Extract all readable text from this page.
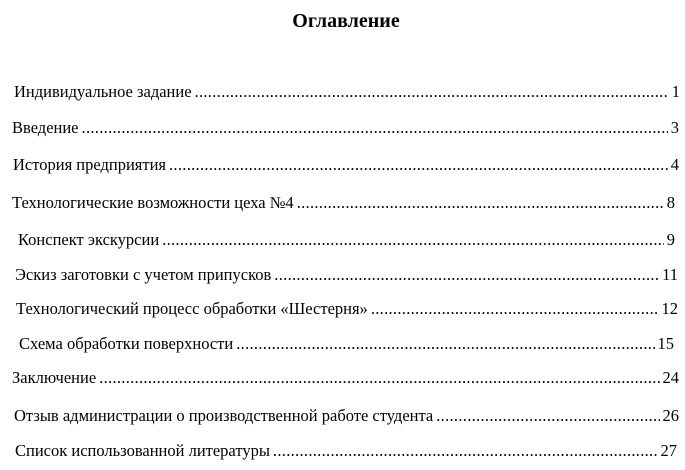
Оглавление
Индивидуальное задание .....	1
Введение .....	3
История предприятия .....	4
Технологические возможности цеха №4 .....	8
Конспект экскурсии .....	9
Эскиз заготовки с учетом припусков .....	11
Технологический процесс обработки «Шестерня» .....	12
Схема обработки поверхности .....	15
Заключение .....	24
Отзыв администрации о производственной работе студента .....	26
Список использованной литературы .....	27
